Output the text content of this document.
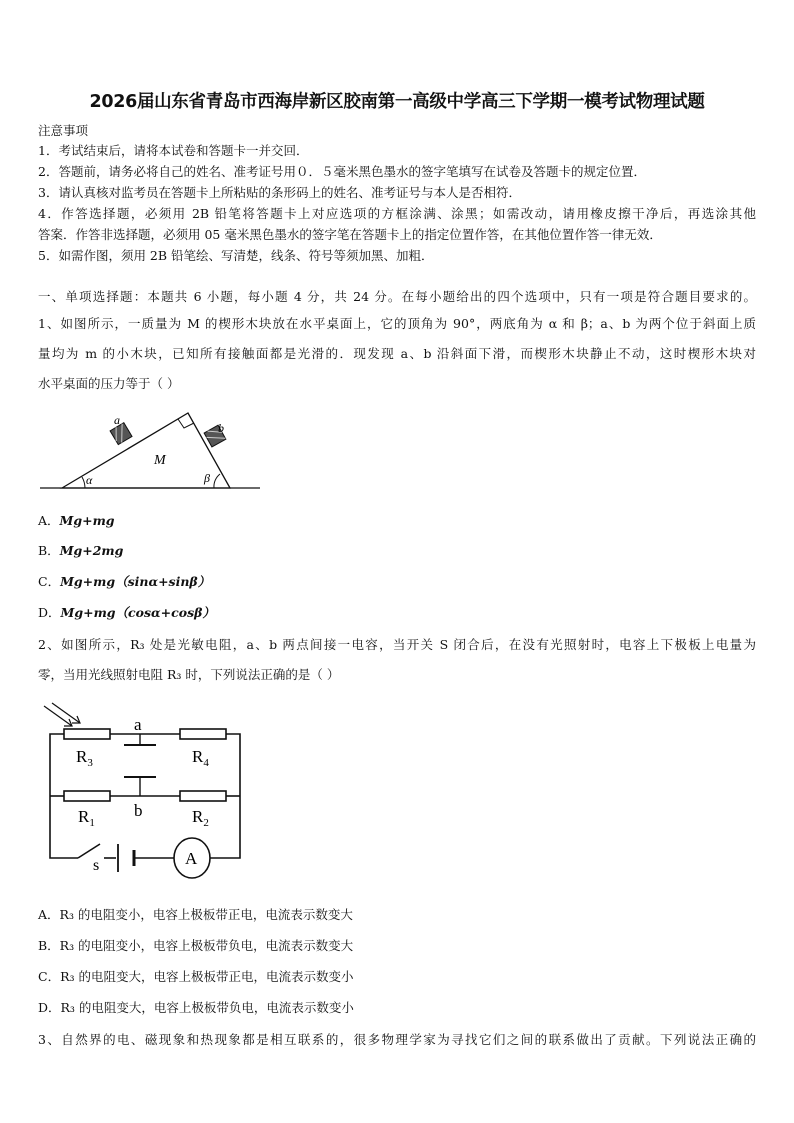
2026届山东省青岛市西海岸新区胶南第一高级中学高三下学期一模考试物理试题
注意事项
1．考试结束后，请将本试卷和答题卡一并交回．
2．答题前，请务必将自己的姓名、准考证号用０．５毫米黑色墨水的签字笔填写在试卷及答题卡的规定位置．
3．请认真核对监考员在答题卡上所粘贴的条形码上的姓名、准考证号与本人是否相符．
4．作答选择题，必须用 2B 铅笔将答题卡上对应选项的方框涂满、涂黑；如需改动，请用橡皮擦干净后，再选涂其他
答案．作答非选择题，必须用 05 毫米黑色墨水的签字笔在答题卡上的指定位置作答，在其他位置作答一律无效．
5．如需作图，须用 2B 铅笔绘、写清楚，线条、符号等须加黑、加粗．
一、单项选择题：本题共 6 小题，每小题 4 分，共 24 分。在每小题给出的四个选项中，只有一项是符合题目要求的。
1、如图所示，一质量为 M 的楔形木块放在水平桌面上，它的顶角为 90°，两底角为 α 和 β；a、b 为两个位于斜面上质
量均为 m 的小木块，已知所有接触面都是光滑的．现发现 a、b 沿斜面下滑，而楔形木块静止不动，这时楔形木块对
水平桌面的压力等于（ ）
a
b
M
α	β
A．Mg+mg
B．Mg+2mg
C．Mg+mg（sinα+sinβ）
D．Mg+mg（cosα+cosβ）
2、如图所示，R₃ 处是光敏电阻，a、b 两点间接一电容，当开关 S 闭合后，在没有光照射时，电容上下极板上电量为
零，当用光线照射电阻 R₃ 时，下列说法正确的是（ ）
$R_3$	$R_4$
$R_1$	$R_2$
a
b
s	A
A．R₃ 的电阻变小，电容上极板带正电，电流表示数变大
B．R₃ 的电阻变小，电容上极板带负电，电流表示数变大
C．R₃ 的电阻变大，电容上极板带正电，电流表示数变小
D．R₃ 的电阻变大，电容上极板带负电，电流表示数变小
3、自然界的电、磁现象和热现象都是相互联系的，很多物理学家为寻找它们之间的联系做出了贡献。下列说法正确的
